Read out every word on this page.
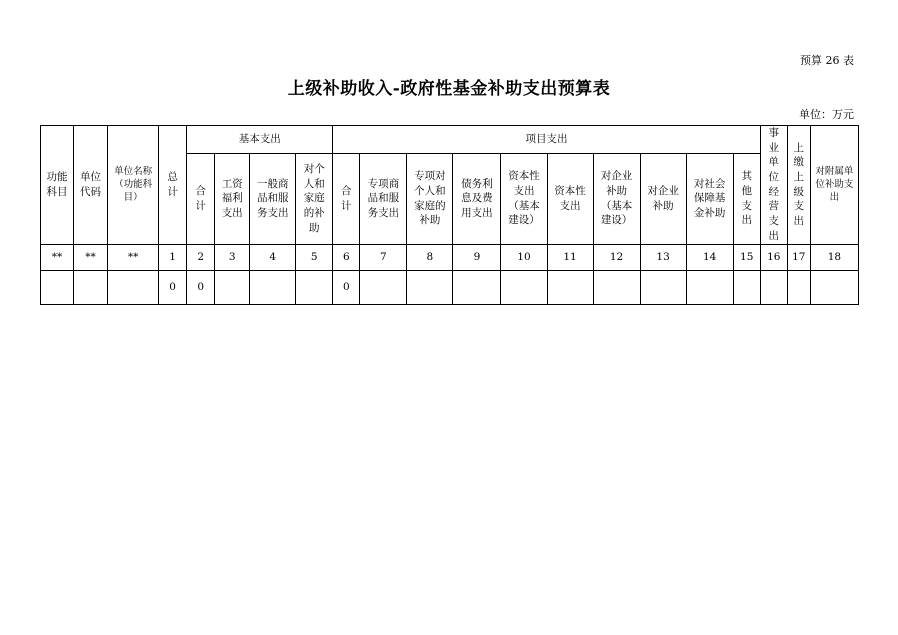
预算 26 表
上级补助收入-政府性基金补助支出预算表
单位：万元
功能科目	单位代码	单位名称（功能科目）	总计	基本支出				项目支出										事业单位经营支出	上缴上级支出	对附属单位补助支出
				合计	工资福利支出	一般商品和服务支出	对个人和家庭的补助	合计	专项商品和服务支出	专项对个人和家庭的补助	债务利息及费用支出	资本性支出（基本建设）	资本性支出	对企业补助（基本建设）	对企业补助	对社会保障基金补助	其他支出			
**	**	**	1	2	3	4	5	6	7	8	9	10	11	12	13	14	15	16	17	18
			0	0				0												
